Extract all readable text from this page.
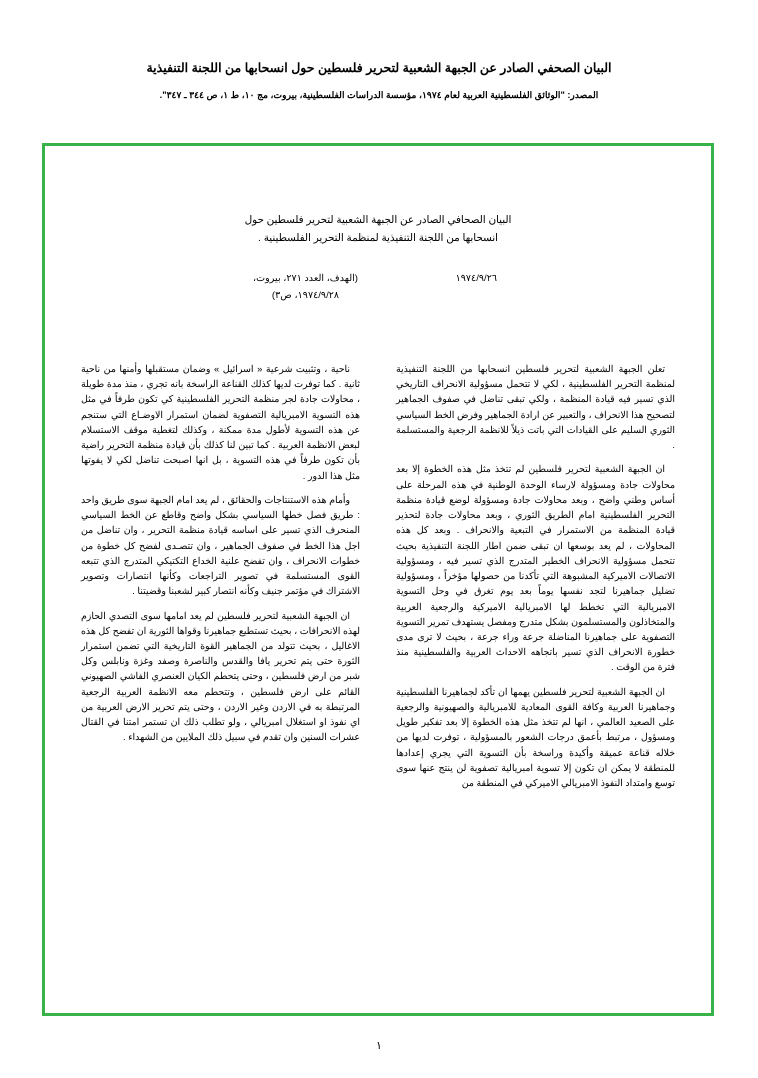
البيان الصحفي الصادر عن الجبهة الشعبية لتحرير فلسطين حول انسحابها من اللجنة التنفيذية
المصدر: "الوثائق الفلسطينية العربية لعام ١٩٧٤، مؤسسة الدراسات الفلسطينية، بيروت، مج ١٠، ط ١، ص ٣٤٤ ـ ٣٤٧".
البيان الصحافي الصادر عن الجبهة الشعبية لتحرير فلسطين حول
انسحابها من اللجنة التنفيذية لمنظمة التحرير الفلسطينية .
١٩٧٤/٩/٢٦
(الهدف، العدد ٢٧١، بيروت،
١٩٧٤/٩/٢٨، ص٣)

تعلن الجبهة الشعبية لتحرير فلسطين انسحابها من اللجنة التنفيذية لمنظمة التحرير الفلسطينية ، لكي لا تتحمل مسؤولية الانحراف التاريخي الذي تسير فيه قيادة المنظمة ، ولكي تبقى تناضل في صفوف الجماهير لتصحيح هذا الانحراف ، والتعبير عن ارادة الجماهير وفرض الخط السياسي الثوري السليم على القيادات التي باتت ذيلاً للانظمة الرجعية والمستسلمة .

ان الجبهة الشعبية لتحرير فلسطين لم تتخذ مثل هذه الخطوة إلا بعد محاولات جادة ومسؤولة لارساء الوحدة الوطنية في هذه المرحلة على أساس وطني واضح ، وبعد محاولات جادة ومسؤولة لوضع قيادة منظمة التحرير الفلسطينية امام الطريق الثوري ، وبعد محاولات جادة لتحذير قيادة المنظمة من الاستمرار في التبعية والانحراف . وبعد كل هذه المحاولات ، لم يعد بوسعها ان تبقى ضمن اطار اللجنة التنفيذية بحيث تتحمل مسؤولية الانحراف الخطير المتدرج الذي تسير فيه ، ومسؤولية الاتصالات الاميركية المشبوهة التي تأكدنا من حصولها مؤخراً ، ومسؤولية تضليل جماهيرنا لتجد نفسها يوماً بعد يوم تغرق في وحل التسوية الامبريالية التي تخطط لها الامبريالية الاميركية والرجعية العربية والمتخاذلون والمستسلمون بشكل متدرج ومفصل يستهدف تمرير التسوية التصفوية على جماهيرنا المناضلة جرعة وراء جرعة ، بحيث لا ترى مدى خطورة الانحراف الذي تسير باتجاهه الاحداث العربية والفلسطينية منذ فترة من الوقت .

ان الجبهة الشعبية لتحرير فلسطين يهمها ان تأكد لجماهيرنا الفلسطينية وجماهيرنا العربية وكافة القوى المعادية للامبريالية والصهيونية والرجعية على الصعيد العالمي ، انها لم تتخذ مثل هذه الخطوة إلا بعد تفكير طويل ومسؤول ، مرتبط بأعمق درجات الشعور بالمسؤولية ، توفرت لديها من خلاله قناعة عميقة وأكيدة وراسخة بأن التسوية التي يجري إعدادها للمنطقة لا يمكن ان تكون إلا تسوية امبريالية تصفوية لن ينتج عنها سوى توسع وامتداد النفوذ الامبريالي الاميركي في المنطقة من

ناحية ، وتثبيت شرعية « اسرائيل » وضمان مستقبلها وأمنها من ناحية ثانية . كما توفرت لديها كذلك القناعة الراسخة بانه تجري ، منذ مدة طويلة ، محاولات جادة لجر منظمة التحرير الفلسطينية كي تكون طرفاً في مثل هذه التسوية الامبريالية التصفوية لضمان استمرار الاوضـاع التي ستنجم عن هذه التسوية لأطول مدة ممكنة ، وكذلك لتغطية موقف الاستسلام لبعض الانظمة العربية . كما تبين لنا كذلك بأن قيادة منظمة التحرير راضية بأن تكون طرفاً في هذه التسوية ، بل انها اصبحت تناضل لكي لا يفوتها مثل هذا الدور .

وأمام هذه الاستنتاجات والحقائق ، لم يعد امام الجبهة سوى طريق واحد : طريق فصل خطها السياسي بشكل واضح وقاطع عن الخط السياسي المنحرف الذي تسير على اساسه قيادة منظمة التحرير ، وان تناضل من اجل هذا الخط في صفوف الجماهير ، وان تتصـدى لفضح كل خطوة من خطوات الانحراف ، وان تفضح علنية الخداع التكتيكي المتدرج الذي تتبعه القوى المستسلمة في تصوير التراجعات وكأنها انتصارات وتصوير الاشتراك في مؤتمر جنيف وكأنه انتصار كبير لشعبنا وقضيتنا .

ان الجبهة الشعبية لتحرير فلسطين لم يعد امامها سوى التصدي الحازم لهذه الانحرافات ، بحيث تستطيع جماهيرنا وقواها الثورية ان تفضح كل هذه الاغاليل ، بحيث تتولد من الجماهير القوة التاريخية التي تضمن استمرار الثورة حتى يتم تحرير يافا والقدس والناصرة وصفد وغزة ونابلس وكل شبر من ارض فلسطين ، وحتى يتحطم الكيان العنصري الفاشي الصهيوني القائم على ارض فلسطين ، وتتحطم معه الانظمة العربية الرجعية المرتبطة به في الاردن وغير الاردن ، وحتى يتم تحرير الارض العربية من اي نفوذ او استغلال امبريالي ، ولو تطلب ذلك ان تستمر امتنا في القتال عشرات السنين وان تقدم في سبيل ذلك الملايين من الشهداء .

١
